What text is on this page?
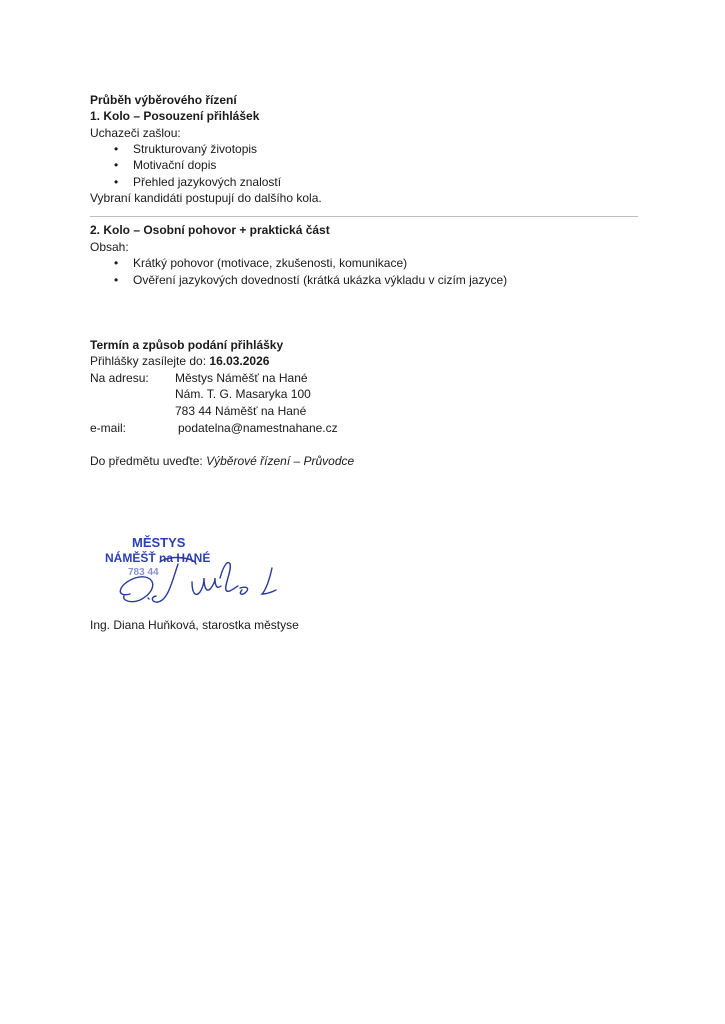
Průběh výběrového řízení
1. Kolo – Posouzení přihlášek
Uchazeči zašlou:
• Strukturovaný životopis
• Motivační dopis
• Přehled jazykových znalostí
Vybraní kandidáti postupují do dalšího kola.
2. Kolo – Osobní pohovor + praktická část
Obsah:
• Krátký pohovor (motivace, zkušenosti, komunikace)
• Ověření jazykových dovedností (krátká ukázka výkladu v cizím jazyce)
Termín a způsob podání přihlášky
Přihlášky zasílejte do: 16.03.2026
Na adresu: Městys Náměšť na Hané
Nám. T. G. Masaryka 100
783 44 Náměšť na Hané
e-mail:	podatelna@namestnahane.cz
Do předmětu uveďte: Výběrové řízení – Průvodce
MĚSTYS
NÁMĚŠŤ na HANÉ
783 44
Ing. Diana Huňková, starostka městyse
